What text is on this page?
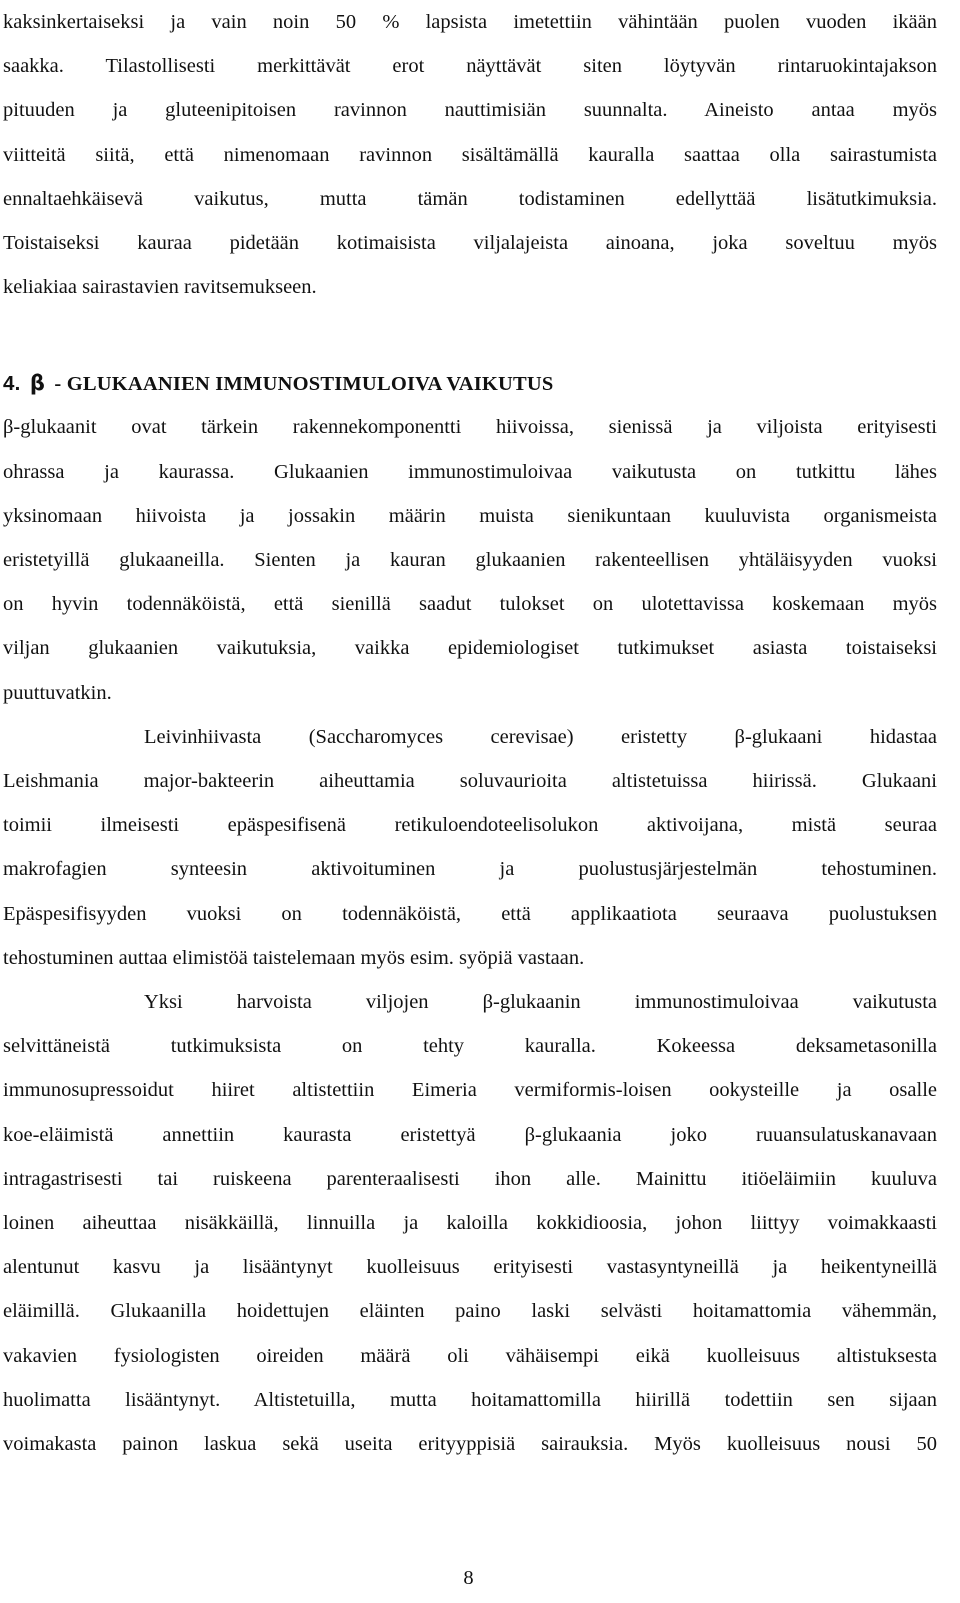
kaksinkertaiseksi ja vain noin 50 % lapsista imetettiin vähintään puolen vuoden ikään
saakka. Tilastollisesti merkittävät erot näyttävät siten löytyvän rintaruokintajakson
pituuden ja gluteenipitoisen ravinnon nauttimisiän suunnalta. Aineisto antaa myös
viitteitä siitä, että nimenomaan ravinnon sisältämällä kauralla saattaa olla sairastumista
ennaltaehkäisevä vaikutus, mutta tämän todistaminen edellyttää lisätutkimuksia.
Toistaiseksi kauraa pidetään kotimaisista viljalajeista ainoana, joka soveltuu myös
keliakiaa sairastavien ravitsemukseen.

4. β - GLUKAANIEN IMMUNOSTIMULOIVA VAIKUTUS

β-glukaanit ovat tärkein rakennekomponentti hiivoissa, sienissä ja viljoista erityisesti
ohrassa ja kaurassa. Glukaanien immunostimuloivaa vaikutusta on tutkittu lähes
yksinomaan hiivoista ja jossakin määrin muista sienikuntaan kuuluvista organismeista
eristetyillä glukaaneilla. Sienten ja kauran glukaanien rakenteellisen yhtäläisyyden vuoksi
on hyvin todennäköistä, että sienillä saadut tulokset on ulotettavissa koskemaan myös
viljan glukaanien vaikutuksia, vaikka epidemiologiset tutkimukset asiasta toistaiseksi
puuttuvatkin.

Leivinhiivasta (Saccharomyces cerevisae) eristetty β-glukaani hidastaa
Leishmania major-bakteerin aiheuttamia soluvaurioita altistetuissa hiirissä. Glukaani
toimii ilmeisesti epäspesifisenä retikuloendoteelisolukon aktivoijana, mistä seuraa
makrofagien synteesin aktivoituminen ja puolustusjärjestelmän tehostuminen.
Epäspesifisyyden vuoksi on todennäköistä, että applikaatiota seuraava puolustuksen
tehostuminen auttaa elimistöä taistelemaan myös esim. syöpiä vastaan.

Yksi harvoista viljojen β-glukaanin immunostimuloivaa vaikutusta
selvittäneistä tutkimuksista on tehty kauralla. Kokeessa deksametasonilla
immunosupressoidut hiiret altistettiin Eimeria vermiformis-loisen ookysteille ja osalle
koe-eläimistä annettiin kaurasta eristettyä β-glukaania joko ruuansulatuskanavaan
intragastrisesti tai ruiskeena parenteraalisesti ihon alle. Mainittu itiöeläimiin kuuluva
loinen aiheuttaa nisäkkäillä, linnuilla ja kaloilla kokkidioosia, johon liittyy voimakkaasti
alentunut kasvu ja lisääntynyt kuolleisuus erityisesti vastasyntyneillä ja heikentyneillä
eläimillä. Glukaanilla hoidettujen eläinten paino laski selvästi hoitamattomia vähemmän,
vakavien fysiologisten oireiden määrä oli vähäisempi eikä kuolleisuus altistuksesta
huolimatta lisääntynyt. Altistetuilla, mutta hoitamattomilla hiirillä todettiin sen sijaan
voimakasta painon laskua sekä useita erityyppisiä sairauksia. Myös kuolleisuus nousi 50

8
